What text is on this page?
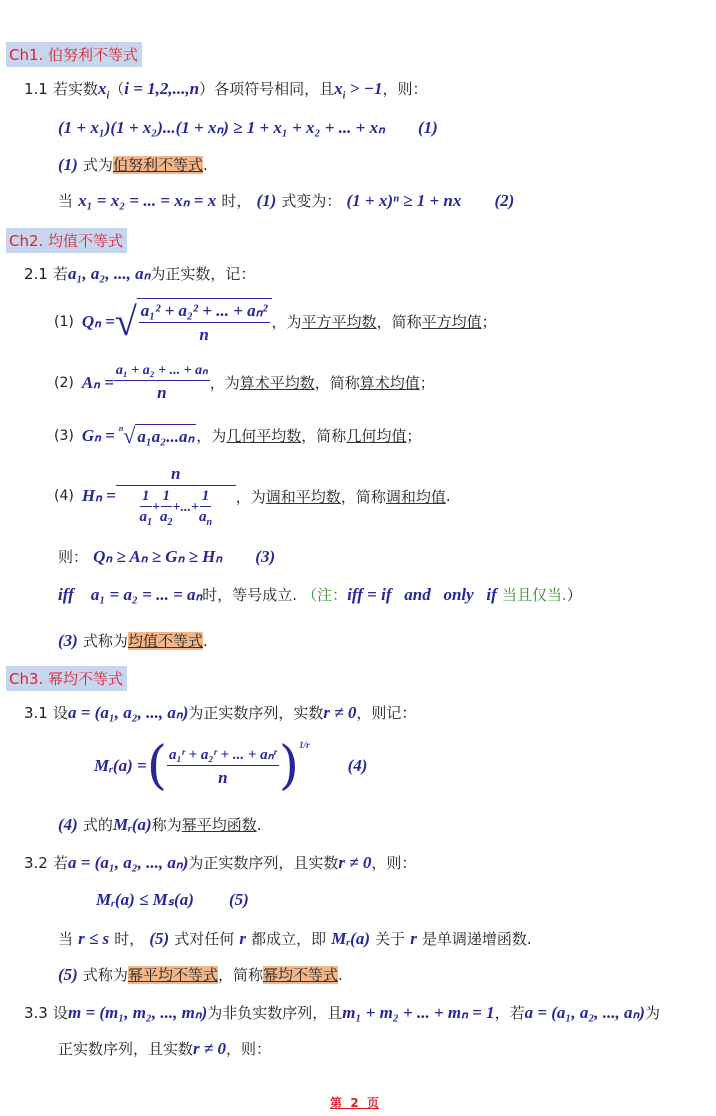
Ch1. 伯努利不等式
1.1 若实数$x_i(i = 1,2,...,n)$各项符号相同，且$x_i > -1$，则：
(1 + x₁)(1 + x₂)...(1 + xₙ) ≥ 1 + x₁ + x₂ + ... + xₙ (1)
(1) 式为伯努利不等式.
当 x₁ = x₂ = ... = xₙ = x 时， (1) 式变为： (1 + x)ⁿ ≥ 1 + nx (2)
Ch2. 均值不等式
2.1 若a₁, a₂, ..., aₙ为正实数，记：
(1) Qₙ = √ $\frac{\text{a₁² + a₂² + ... + aₙ²}}{n}$ ，为 平方平均数 ，简称 平方均值 ；
(2) $A_n = \frac{\text{a₁ + a₂ + ... + aₙ}}{n}$ ，为 算术平均数 ，简称 算术均值 ；
(3) Gₙ = n √ a₁a₂...aₙ ，为 几何平均数 ，简称 几何均值 ；
(4) $H_n = \frac{n}{\frac{1}{a_1} + \frac{1}{a_2} +...+ \frac{1}{a_n}}$ ，为 调和平均数 ，简称 调和均值 .
则： Qₙ ≥ Aₙ ≥ Gₙ ≥ Hₙ (3)
iff a₁ = a₂ = ... = aₙ时，等号成立. （注：iff = if   and   only   if 当且仅当.）
(3) 式称为均值不等式.
Ch3. 幂均不等式
3.1 设a = (a₁, a₂, ..., aₙ)为正实数序列，实数r ≠ 0，则记：
Mᵣ(a) = ( $\frac{\text{a₁ʳ + a₂ʳ + ... + aₙʳ}}{n}$ ) 1/r
(4)
(4) 式的Mᵣ(a)称为幂平均函数.
3.2 若a = (a₁, a₂, ..., aₙ)为正实数序列，且实数r ≠ 0，则：
Mᵣ(a) ≤ Mₛ(a) (5)
当 r ≤ s 时， (5) 式对任何 r 都成立，即 Mᵣ(a) 关于 r 是单调递增函数.
(5) 式称为幂平均不等式，简称幂均不等式.
3.3 设m = (m₁, m₂, ..., mₙ)为非负实数序列，且m₁ + m₂ + ... + mₙ = 1，若a = (a₁, a₂, ..., aₙ)为
正实数序列，且实数r ≠ 0，则：
第  2  页
